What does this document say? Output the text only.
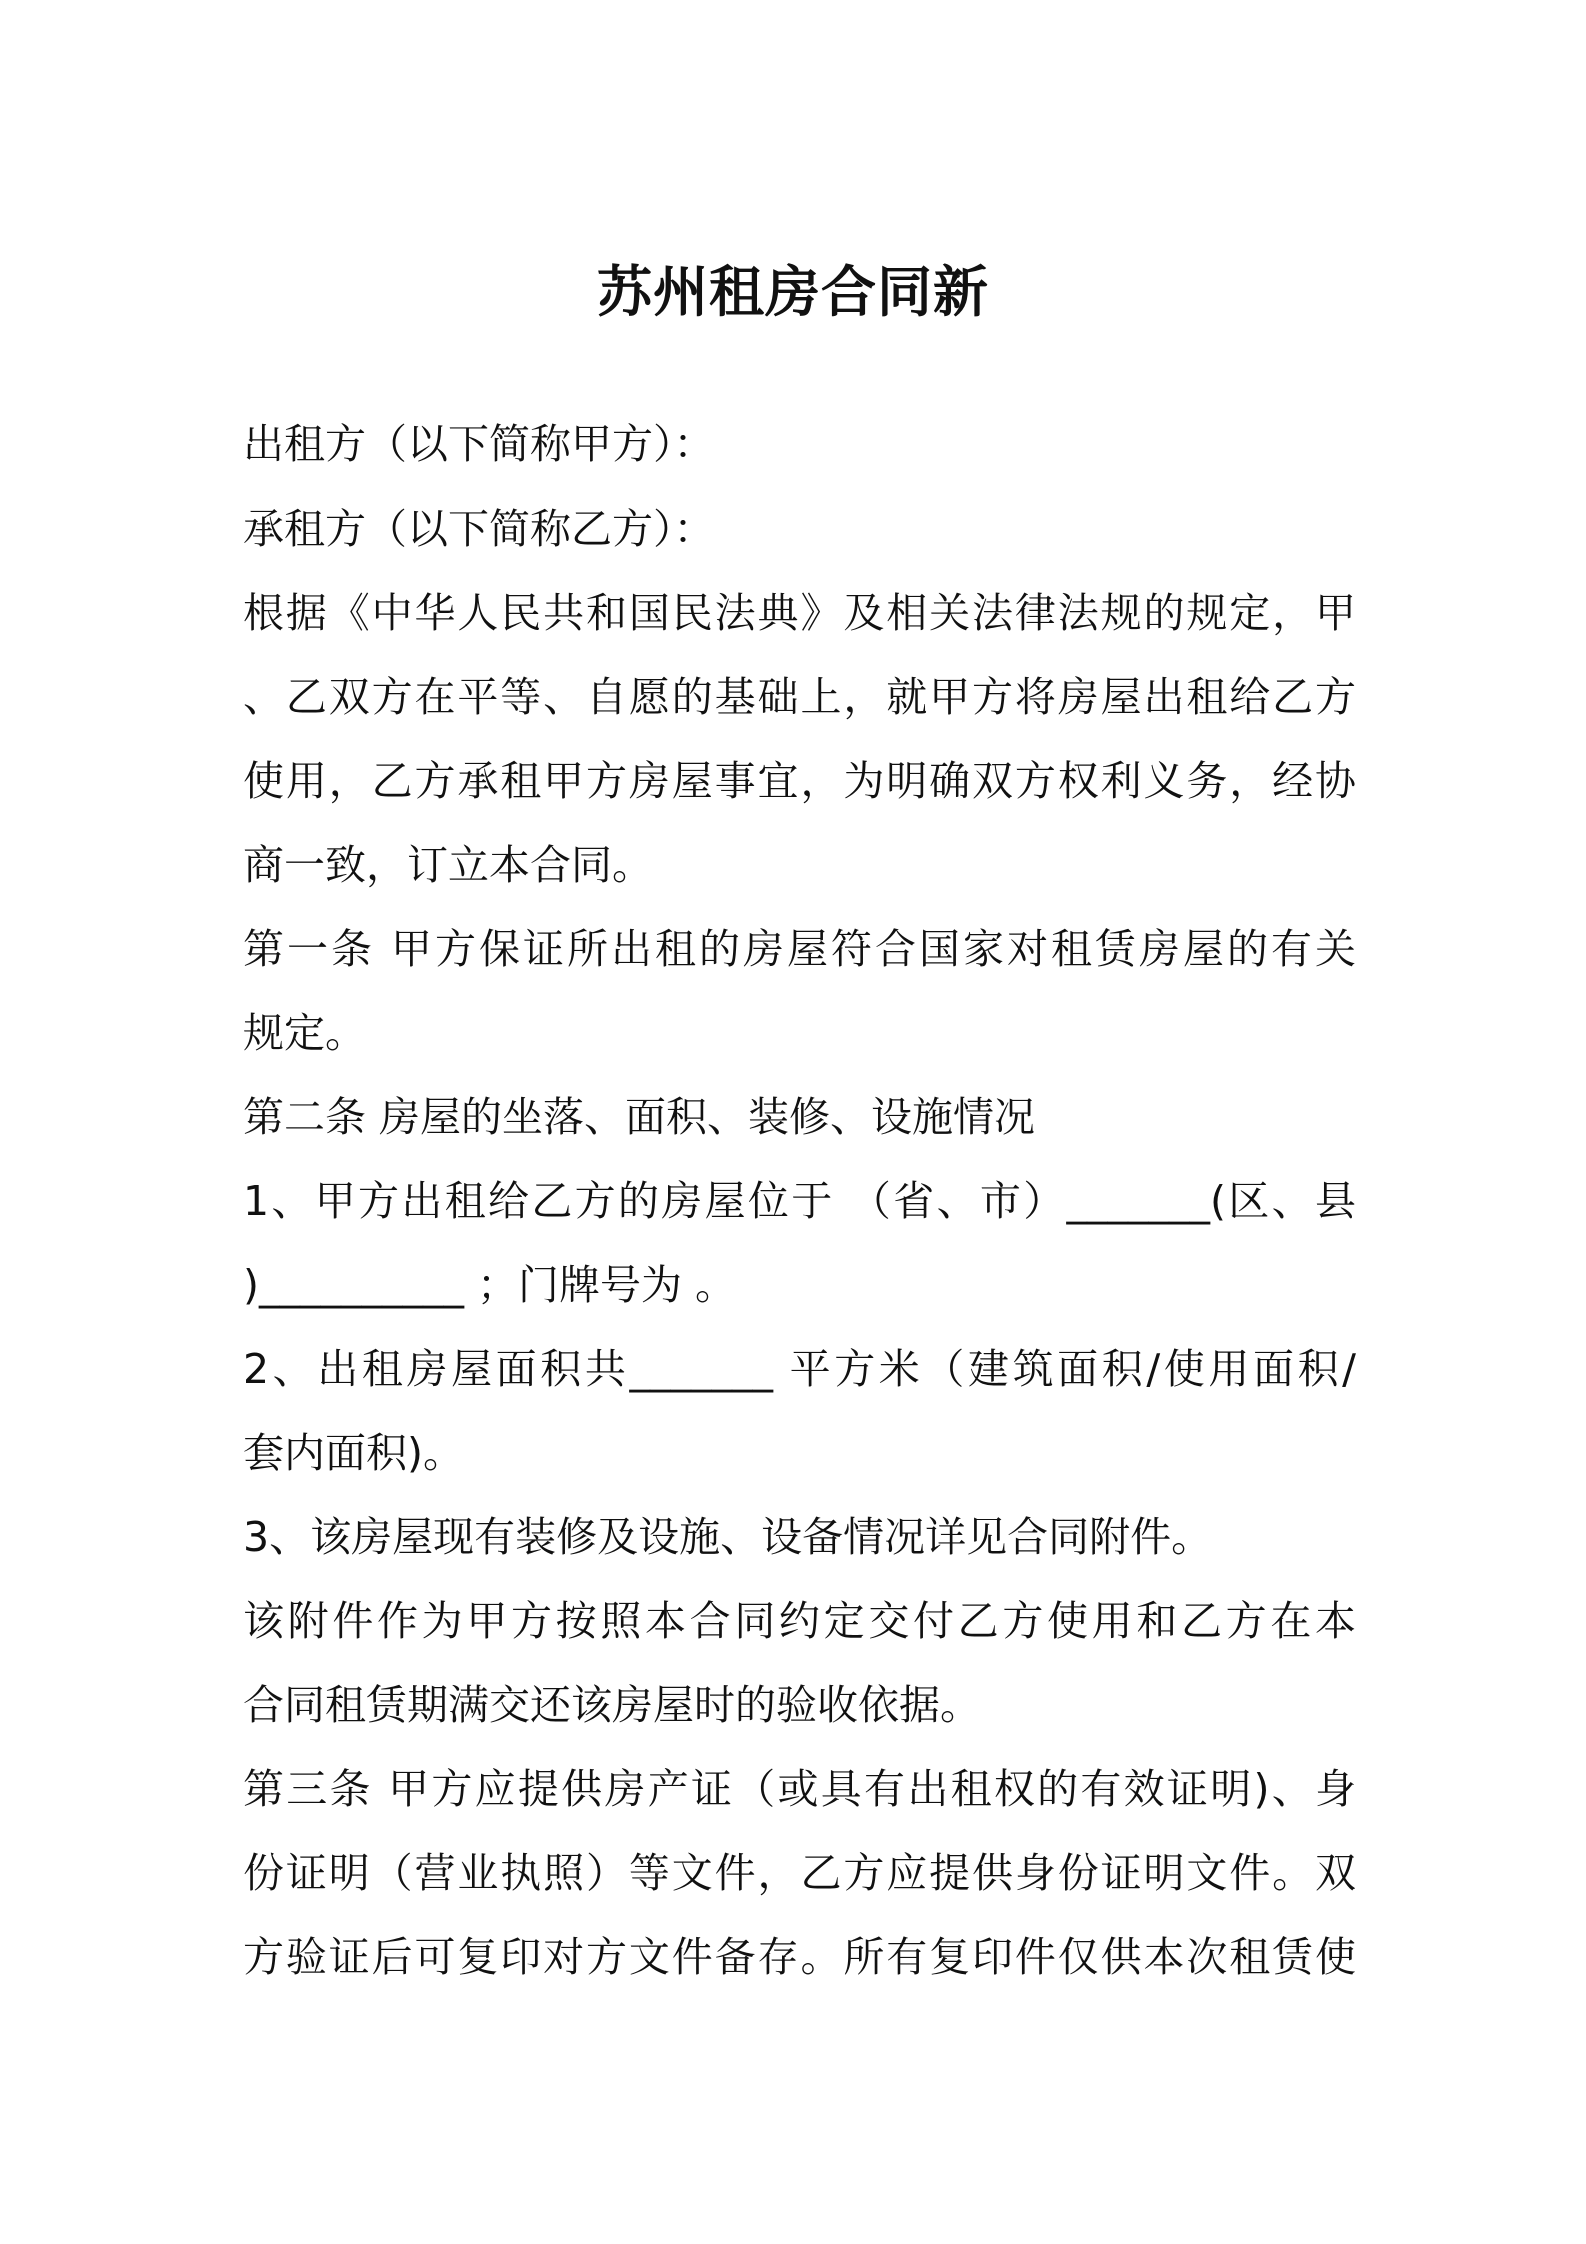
苏州租房合同新
出租方（以下简称甲方）：
承租方（以下简称乙方）：
根据《中华人民共和国民法典》及相关法律法规的规定，甲
、乙双方在平等、自愿的基础上，就甲方将房屋出租给乙方
使用，乙方承租甲方房屋事宜，为明确双方权利义务，经协
商一致，订立本合同。
第一条 甲方保证所出租的房屋符合国家对租赁房屋的有关
规定。
第二条 房屋的坐落、面积、装修、设施情况
1、甲方出租给乙方的房屋位于 （省、市）_______(区、县
)__________ ；门牌号为 。
2、出租房屋面积共_______ 平方米（建筑面积/使用面积/
套内面积)。
3、该房屋现有装修及设施、设备情况详见合同附件。
该附件作为甲方按照本合同约定交付乙方使用和乙方在本
合同租赁期满交还该房屋时的验收依据。
第三条 甲方应提供房产证（或具有出租权的有效证明)、身
份证明（营业执照）等文件，乙方应提供身份证明文件。双
方验证后可复印对方文件备存。所有复印件仅供本次租赁使
